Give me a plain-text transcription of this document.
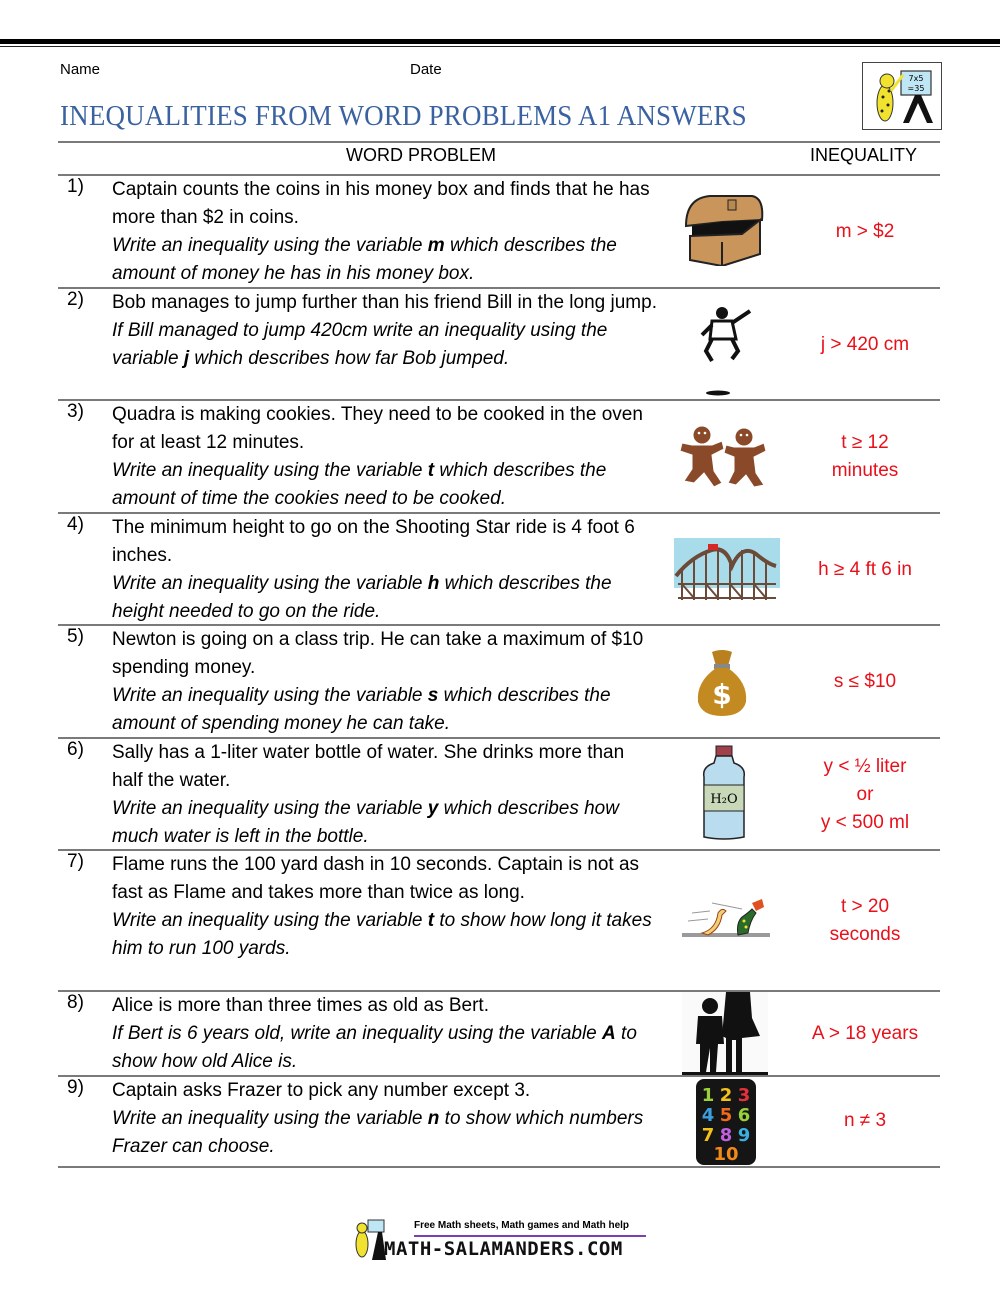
Name	Date
7x5
=35
INEQUALITIES FROM WORD PROBLEMS A1 ANSWERS
WORD PROBLEM	INEQUALITY
1) Captain counts the coins in his money box and finds that he has more than $2 in coins.
Write an inequality using the variable m which describes the amount of money he has in his money box.
m > $2
2) Bob manages to jump further than his friend Bill in the long jump. If Bill managed to jump 420cm write an inequality using the variable j which describes how far Bob jumped.
j > 420 cm
3) Quadra is making cookies. They need to be cooked in the oven for at least 12 minutes.
Write an inequality using the variable t which describes the amount of time the cookies need to be cooked.
t ≥ 12
minutes
4) The minimum height to go on the Shooting Star ride is 4 foot 6 inches.
Write an inequality using the variable h which describes the height needed to go on the ride.
h ≥ 4 ft 6 in
5) Newton is going on a class trip. He can take a maximum of $10 spending money.
Write an inequality using the variable s which describes the amount of spending money he can take.
$	s ≤ $10
6) Sally has a 1-liter water bottle of water. She drinks more than half the water.
Write an inequality using the variable y which describes how much water is left in the bottle.
H₂O
y < ½ liter
or
y < 500 ml
7) Flame runs the 100 yard dash in 10 seconds. Captain is not as fast as Flame and takes more than twice as long.
Write an inequality using the variable t to show how long it takes him to run 100 yards.
t > 20
seconds
8) Alice is more than three times as old as Bert.
If Bert is 6 years old, write an inequality using the variable A to show how old Alice is.
A > 18 years
9) Captain asks Frazer to pick any number except 3.
Write an inequality using the variable n to show which numbers Frazer can choose.
1 2 3
4 5 6
7 8 9
10
n ≠ 3
Free Math sheets, Math games and Math help
MATH-SALAMANDERS.COM
